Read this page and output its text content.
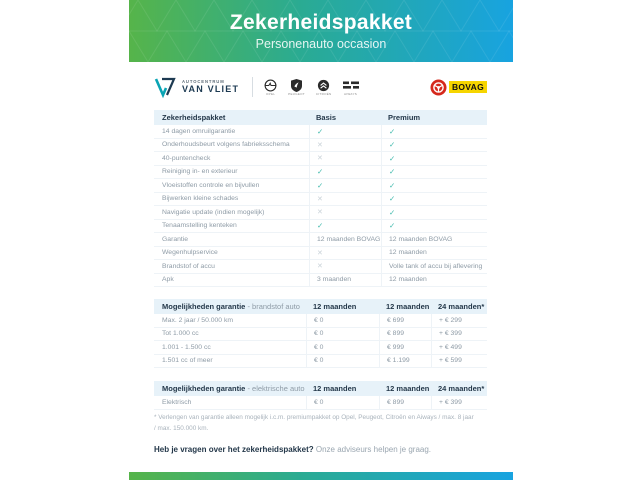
Zekerheidspakket
Personenauto occasion
AUTOCENTRUM
VAN VLIET	OPEL	PEUGEOT	CITROËN	AIWAYS
BOVAG
Zekerheidspakket	Basis	Premium
14 dagen omruilgarantie	✓	✓
Onderhoudsbeurt volgens fabrieksschema	✕	✓
40-puntencheck	✕	✓
Reiniging in- en exterieur	✓	✓
Vloeistoffen controle en bijvullen	✓	✓
Bijwerken kleine schades	✕	✓
Navigatie update (indien mogelijk)	✕	✓
Tenaamstelling kenteken	✓	✓
Garantie	12 maanden BOVAG	12 maanden BOVAG
Wegenhulpservice	✕	12 maanden
Brandstof of accu	✕	Volle tank of accu bij aflevering
Apk	3 maanden	12 maanden
Mogelijkheden garantie - brandstof auto	12 maanden	12 maanden	24 maanden*
Max. 2 jaar / 50.000 km	€ 0	€ 699	+ € 299
Tot 1.000 cc	€ 0	€ 899	+ € 399
1.001 - 1.500 cc	€ 0	€ 999	+ € 499
1.501 cc of meer	€ 0	€ 1.199	+ € 599
Mogelijkheden garantie - elektrische auto	12 maanden	12 maanden	24 maanden*
Elektrisch	€ 0	€ 899	+ € 399
* Verlengen van garantie alleen mogelijk i.c.m. premiumpakket op Opel, Peugeot, Citroën en Aiways / max. 8 jaar / max. 150.000 km.
Heb je vragen over het zekerheidspakket? Onze adviseurs helpen je graag.
